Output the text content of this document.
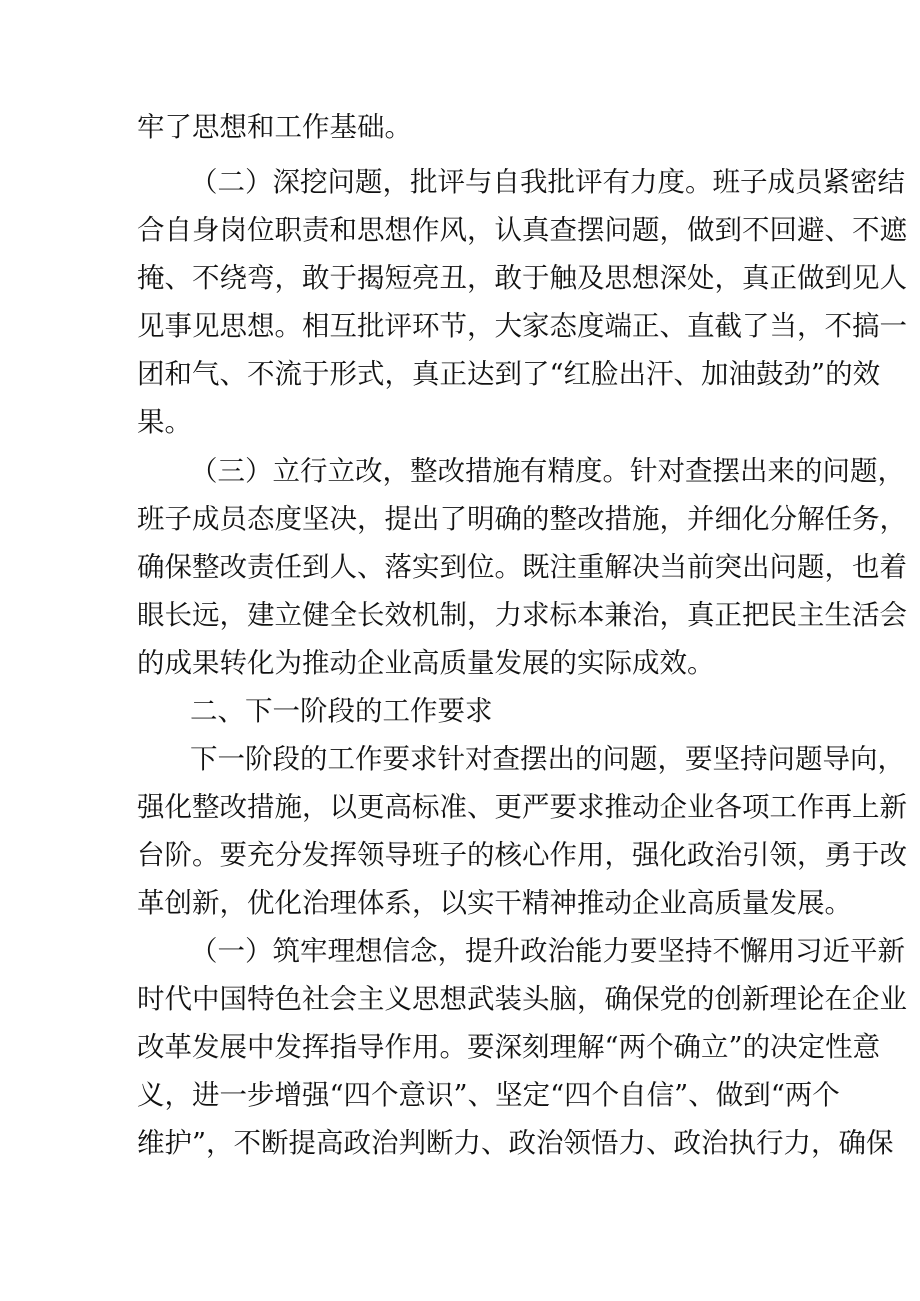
牢了思想和工作基础。
（二）深挖问题，批评与自我批评有力度。班子成员紧密结
合自身岗位职责和思想作风，认真查摆问题，做到不回避、不遮
掩、不绕弯，敢于揭短亮丑，敢于触及思想深处，真正做到见人
见事见思想。相互批评环节，大家态度端正、直截了当，不搞一
团和气、不流于形式，真正达到了“红脸出汗、加油鼓劲”的效
果。
（三）立行立改，整改措施有精度。针对查摆出来的问题，
班子成员态度坚决，提出了明确的整改措施，并细化分解任务，
确保整改责任到人、落实到位。既注重解决当前突出问题，也着
眼长远，建立健全长效机制，力求标本兼治，真正把民主生活会
的成果转化为推动企业高质量发展的实际成效。
二、下一阶段的工作要求
下一阶段的工作要求针对查摆出的问题，要坚持问题导向，
强化整改措施，以更高标准、更严要求推动企业各项工作再上新
台阶。要充分发挥领导班子的核心作用，强化政治引领，勇于改
革创新，优化治理体系，以实干精神推动企业高质量发展。
（一）筑牢理想信念，提升政治能力要坚持不懈用习近平新
时代中国特色社会主义思想武装头脑，确保党的创新理论在企业
改革发展中发挥指导作用。要深刻理解“两个确立”的决定性意
义，进一步增强“四个意识”、坚定“四个自信”、做到“两个
维护”，不断提高政治判断力、政治领悟力、政治执行力，确保
